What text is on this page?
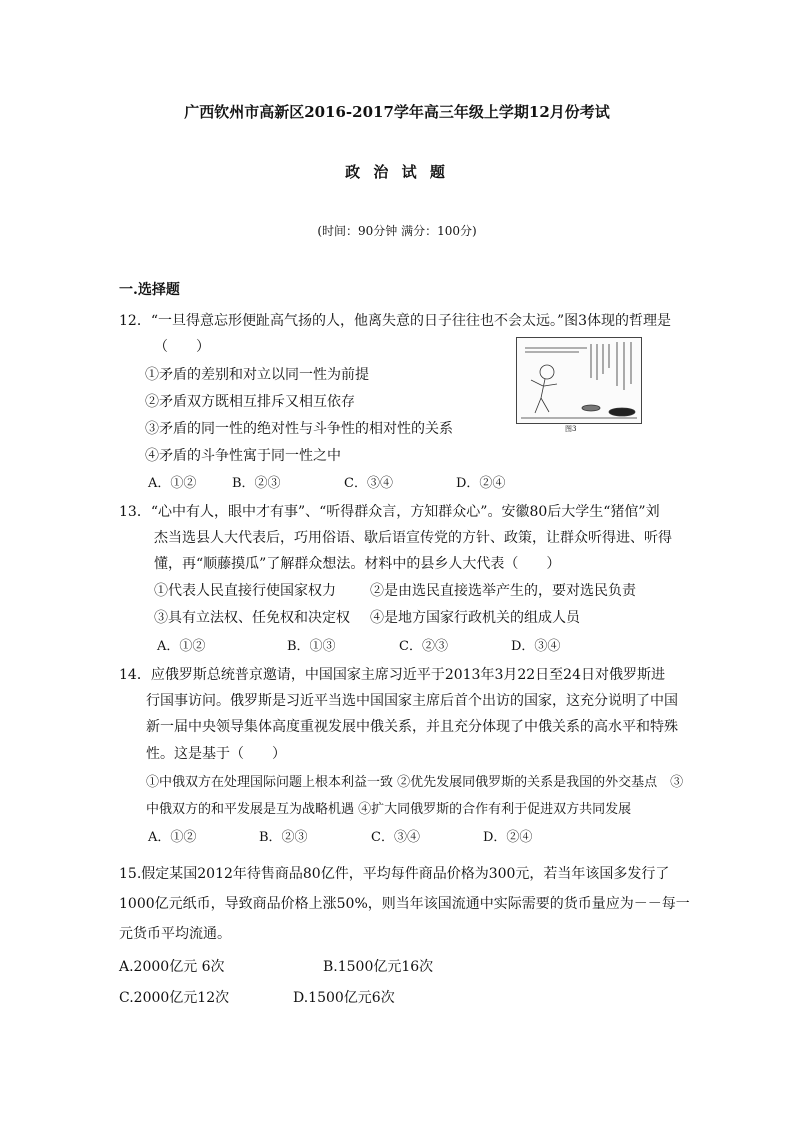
广西钦州市高新区2016-2017学年高三年级上学期12月份考试
政 治 试 题
(时间：90分钟 满分：100分)
一.选择题
12．“一旦得意忘形便趾高气扬的人，他离失意的日子往往也不会太远。”图3体现的哲理是
（　　）
①矛盾的差别和对立以同一性为前提
②矛盾双方既相互排斥又相互依存
③矛盾的同一性的绝对性与斗争性的相对性的关系
④矛盾的斗争性寓于同一性之中
A．①②	B．②③	C．③④	D．②④
图3
13．“心中有人，眼中才有事”、“听得群众言，方知群众心”。安徽80后大学生“猪倌”刘
杰当选县人大代表后，巧用俗语、歇后语宣传党的方针、政策，让群众听得进、听得
懂，再“顺藤摸瓜”了解群众想法。材料中的县乡人大代表（　　）
①代表人民直接行使国家权力 ②是由选民直接选举产生的，要对选民负责
③具有立法权、任免权和决定权 ④是地方国家行政机关的组成人员
A．①②	B．①③	C．②③	D．③④
14．应俄罗斯总统普京邀请，中国国家主席习近平于2013年3月22日至24日对俄罗斯进
行国事访问。俄罗斯是习近平当选中国国家主席后首个出访的国家，这充分说明了中国
新一届中央领导集体高度重视发展中俄关系，并且充分体现了中俄关系的高水平和特殊
性。这是基于（　　）
①中俄双方在处理国际问题上根本利益一致 ②优先发展同俄罗斯的关系是我国的外交基点　③
中俄双方的和平发展是互为战略机遇 ④扩大同俄罗斯的合作有利于促进双方共同发展
A．①②	B．②③	C．③④	D．②④
15.假定某国2012年待售商品80亿件，平均每件商品价格为300元，若当年该国多发行了
1000亿元纸币，导致商品价格上涨50%，则当年该国流通中实际需要的货币量应为－－每一
元货币平均流通。
A.2000亿元 6次	B.1500亿元16次
C.2000亿元12次	D.1500亿元6次
